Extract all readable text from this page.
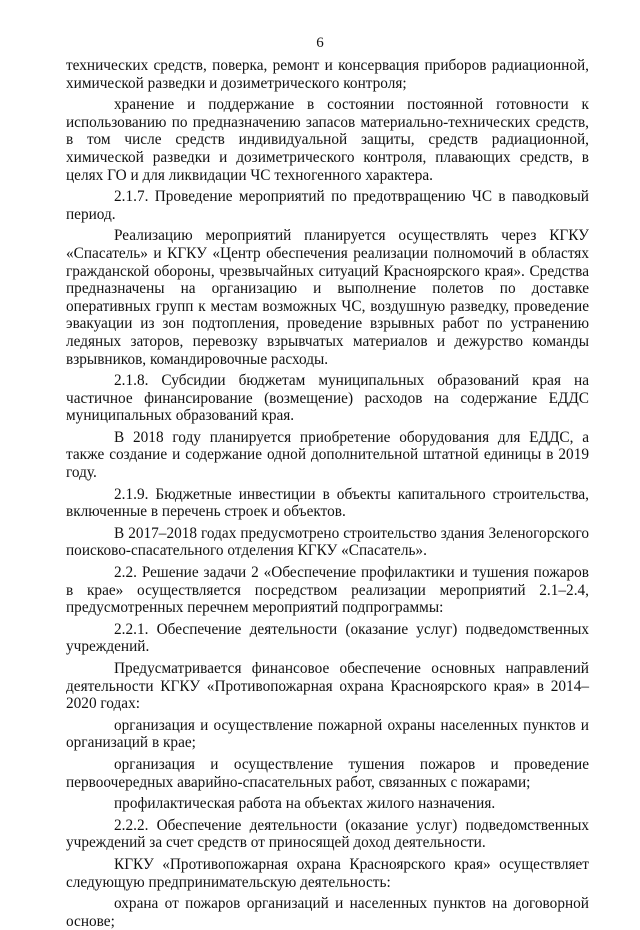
6

технических средств, поверка, ремонт и консервация приборов радиационной, химической разведки и дозиметрического контроля;

хранение и поддержание в состоянии постоянной готовности к использованию по предназначению запасов материально-технических средств, в том числе средств индивидуальной защиты, средств радиационной, химической разведки и дозиметрического контроля, плавающих средств, в целях ГО и для ликвидации ЧС техногенного характера.

2.1.7. Проведение мероприятий по предотвращению ЧС в паводковый период.

Реализацию мероприятий планируется осуществлять через КГКУ «Спасатель» и КГКУ «Центр обеспечения реализации полномочий в областях гражданской обороны, чрезвычайных ситуаций Красноярского края». Средства предназначены на организацию и выполнение полетов по доставке оперативных групп к местам возможных ЧС, воздушную разведку, проведение эвакуации из зон подтопления, проведение взрывных работ по устранению ледяных заторов, перевозку взрывчатых материалов и дежурство команды взрывников, командировочные расходы.

2.1.8. Субсидии бюджетам муниципальных образований края на частичное финансирование (возмещение) расходов на содержание ЕДДС муниципальных образований края.

В 2018 году планируется приобретение оборудования для ЕДДС, а также создание и содержание одной дополнительной штатной единицы в 2019 году.

2.1.9. Бюджетные инвестиции в объекты капитального строительства, включенные в перечень строек и объектов.

В 2017–2018 годах предусмотрено строительство здания Зеленогорского поисково-спасательного отделения КГКУ «Спасатель».

2.2. Решение задачи 2 «Обеспечение профилактики и тушения пожаров в крае» осуществляется посредством реализации мероприятий 2.1–2.4, предусмотренных перечнем мероприятий подпрограммы:

2.2.1. Обеспечение деятельности (оказание услуг) подведомственных учреждений.

Предусматривается финансовое обеспечение основных направлений деятельности КГКУ «Противопожарная охрана Красноярского края» в 2014–2020 годах:

организация и осуществление пожарной охраны населенных пунктов и организаций в крае;

организация и осуществление тушения пожаров и проведение первоочередных аварийно-спасательных работ, связанных с пожарами;

профилактическая работа на объектах жилого назначения.

2.2.2. Обеспечение деятельности (оказание услуг) подведомственных учреждений за счет средств от приносящей доход деятельности.

КГКУ «Противопожарная охрана Красноярского края» осуществляет следующую предпринимательскую деятельность:

охрана от пожаров организаций и населенных пунктов на договорной основе;
